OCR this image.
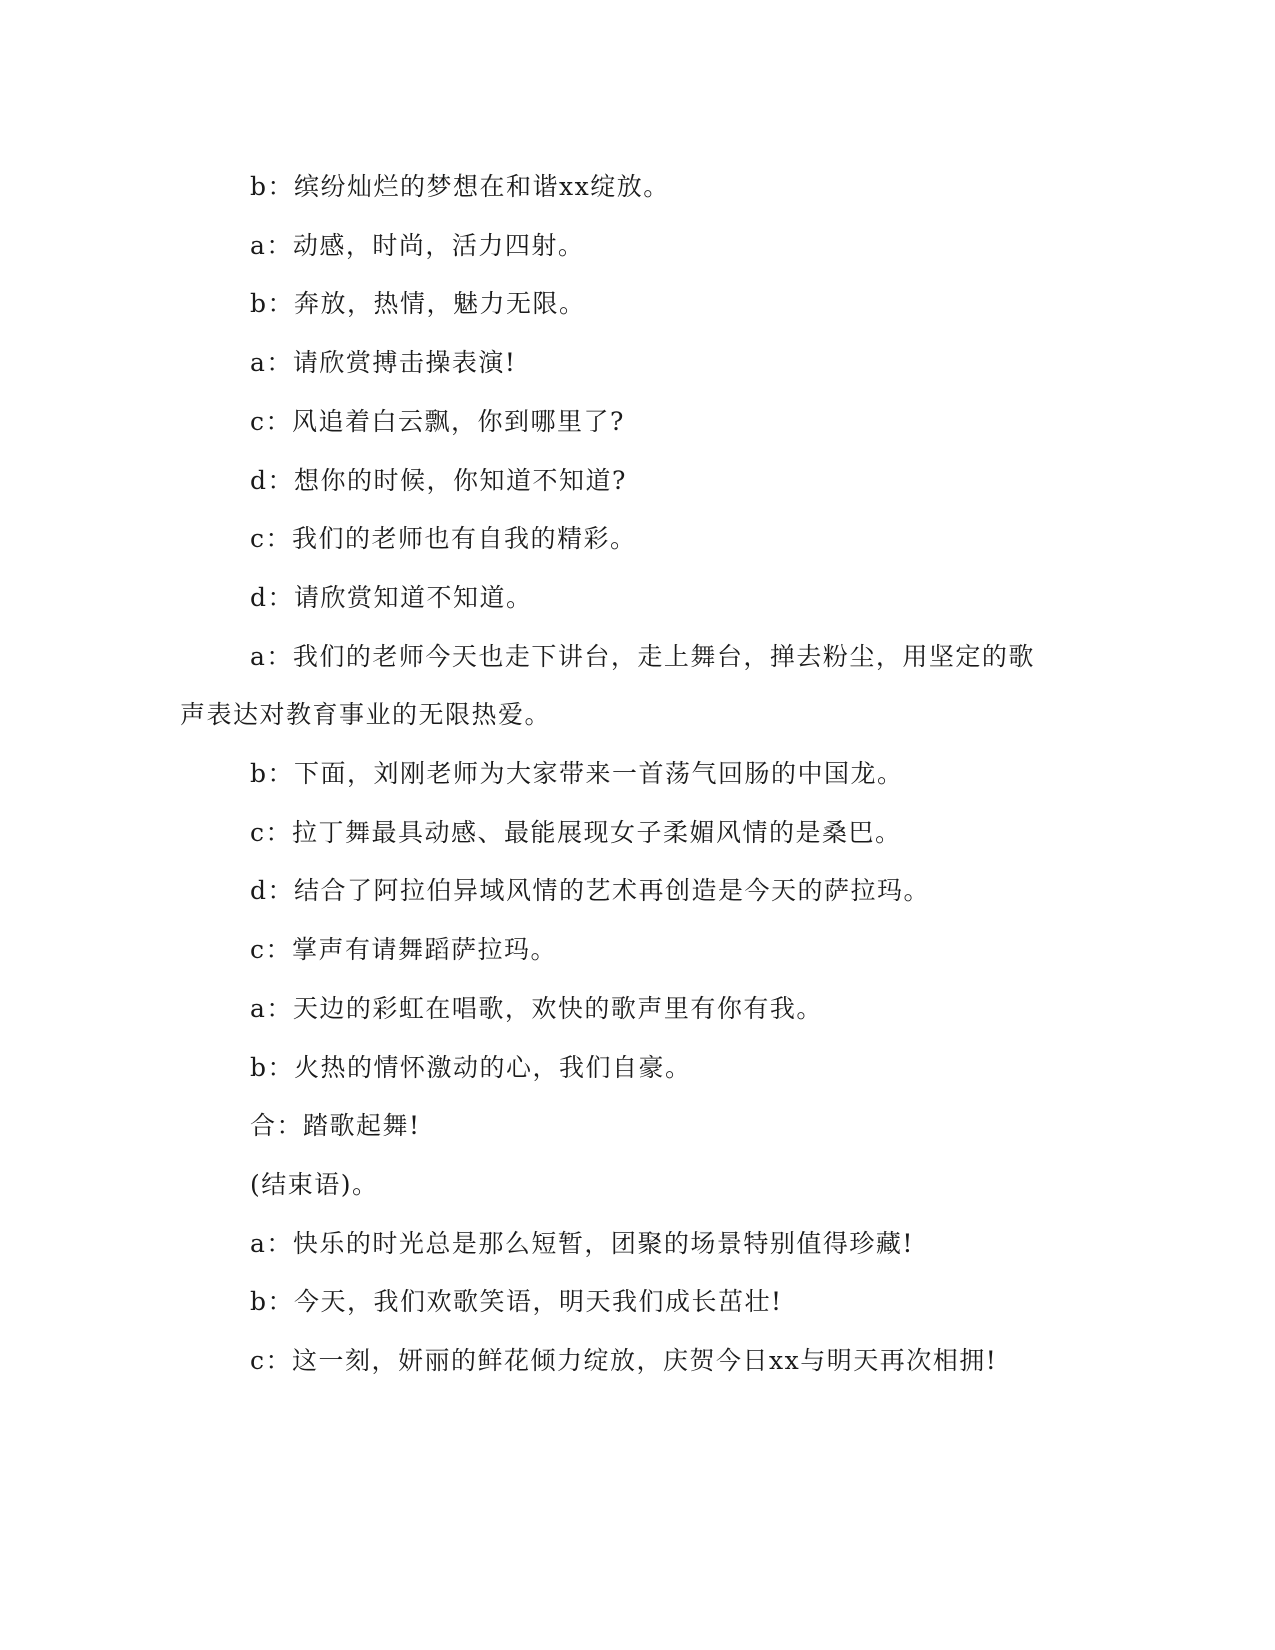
b：缤纷灿烂的梦想在和谐xx绽放。

a：动感，时尚，活力四射。

b：奔放，热情，魅力无限。

a：请欣赏搏击操表演!

c：风追着白云飘，你到哪里了?

d：想你的时候，你知道不知道?

c：我们的老师也有自我的精彩。

d：请欣赏知道不知道。

a：我们的老师今天也走下讲台，走上舞台，掸去粉尘，用坚定的歌声表达对教育事业的无限热爱。

b：下面，刘刚老师为大家带来一首荡气回肠的中国龙。

c：拉丁舞最具动感、最能展现女子柔媚风情的是桑巴。

d：结合了阿拉伯异域风情的艺术再创造是今天的萨拉玛。

c：掌声有请舞蹈萨拉玛。

a：天边的彩虹在唱歌，欢快的歌声里有你有我。

b：火热的情怀激动的心，我们自豪。

合：踏歌起舞!

(结束语)。

a：快乐的时光总是那么短暂，团聚的场景特别值得珍藏!

b：今天，我们欢歌笑语，明天我们成长茁壮!

c：这一刻，妍丽的鲜花倾力绽放，庆贺今日xx与明天再次相拥!
